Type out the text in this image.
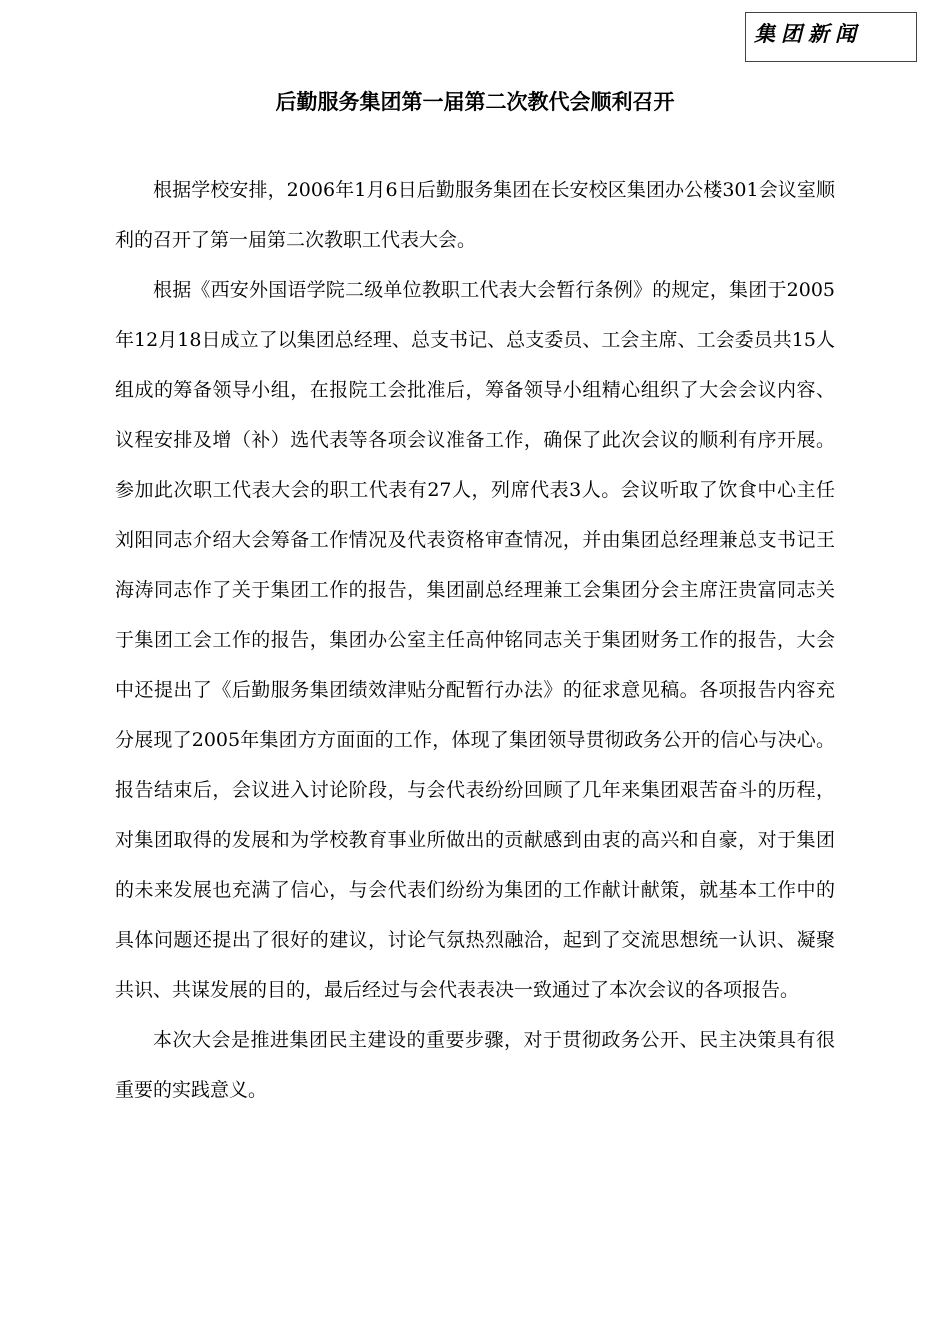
集团新闻
后勤服务集团第一届第二次教代会顺利召开

根据学校安排，2006年1月6日后勤服务集团在长安校区集团办公楼301会议室顺利的召开了第一届第二次教职工代表大会。

根据《西安外国语学院二级单位教职工代表大会暂行条例》的规定，集团于2005年12月18日成立了以集团总经理、总支书记、总支委员、工会主席、工会委员共15人组成的筹备领导小组，在报院工会批准后，筹备领导小组精心组织了大会会议内容、议程安排及增（补）选代表等各项会议准备工作，确保了此次会议的顺利有序开展。参加此次职工代表大会的职工代表有27人，列席代表3人。会议听取了饮食中心主任刘阳同志介绍大会筹备工作情况及代表资格审查情况，并由集团总经理兼总支书记王海涛同志作了关于集团工作的报告，集团副总经理兼工会集团分会主席汪贵富同志关于集团工会工作的报告，集团办公室主任高仲铭同志关于集团财务工作的报告，大会中还提出了《后勤服务集团绩效津贴分配暂行办法》的征求意见稿。各项报告内容充分展现了2005年集团方方面面的工作，体现了集团领导贯彻政务公开的信心与决心。报告结束后，会议进入讨论阶段，与会代表纷纷回顾了几年来集团艰苦奋斗的历程，对集团取得的发展和为学校教育事业所做出的贡献感到由衷的高兴和自豪，对于集团的未来发展也充满了信心，与会代表们纷纷为集团的工作献计献策，就基本工作中的具体问题还提出了很好的建议，讨论气氛热烈融洽，起到了交流思想统一认识、凝聚共识、共谋发展的目的，最后经过与会代表表决一致通过了本次会议的各项报告。

本次大会是推进集团民主建设的重要步骤，对于贯彻政务公开、民主决策具有很重要的实践意义。
